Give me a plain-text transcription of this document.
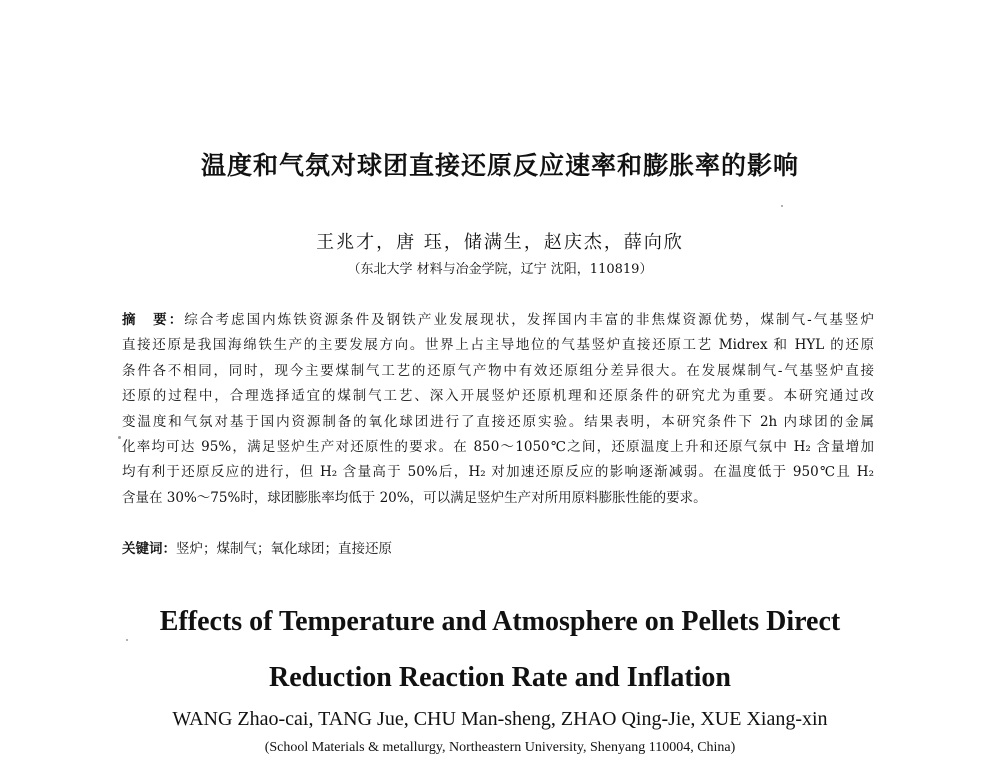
温度和气氛对球团直接还原反应速率和膨胀率的影响
王兆才，唐 珏，储满生，赵庆杰，薛向欣
（东北大学 材料与冶金学院，辽宁 沈阳，110819）
摘　要：综合考虑国内炼铁资源条件及钢铁产业发展现状，发挥国内丰富的非焦煤资源优势，煤制气-气基竖炉
直接还原是我国海绵铁生产的主要发展方向。世界上占主导地位的气基竖炉直接还原工艺 Midrex 和 HYL 的还原
条件各不相同，同时，现今主要煤制气工艺的还原气产物中有效还原组分差异很大。在发展煤制气-气基竖炉直接
还原的过程中，合理选择适宜的煤制气工艺、深入开展竖炉还原机理和还原条件的研究尤为重要。本研究通过改
变温度和气氛对基于国内资源制备的氧化球团进行了直接还原实验。结果表明，本研究条件下 2h 内球团的金属
化率均可达 95%，满足竖炉生产对还原性的要求。在 850～1050℃之间，还原温度上升和还原气氛中 H₂ 含量增加
均有利于还原反应的进行，但 H₂ 含量高于 50%后，H₂ 对加速还原反应的影响逐渐减弱。在温度低于 950℃且 H₂
含量在 30%～75%时，球团膨胀率均低于 20%，可以满足竖炉生产对所用原料膨胀性能的要求。
关键词：竖炉；煤制气；氧化球团；直接还原
Effects of Temperature and Atmosphere on Pellets Direct
Reduction Reaction Rate and Inflation
WANG Zhao-cai, TANG Jue, CHU Man-sheng, ZHAO Qing-Jie, XUE Xiang-xin
(School Materials & metallurgy, Northeastern University, Shenyang 110004, China)
